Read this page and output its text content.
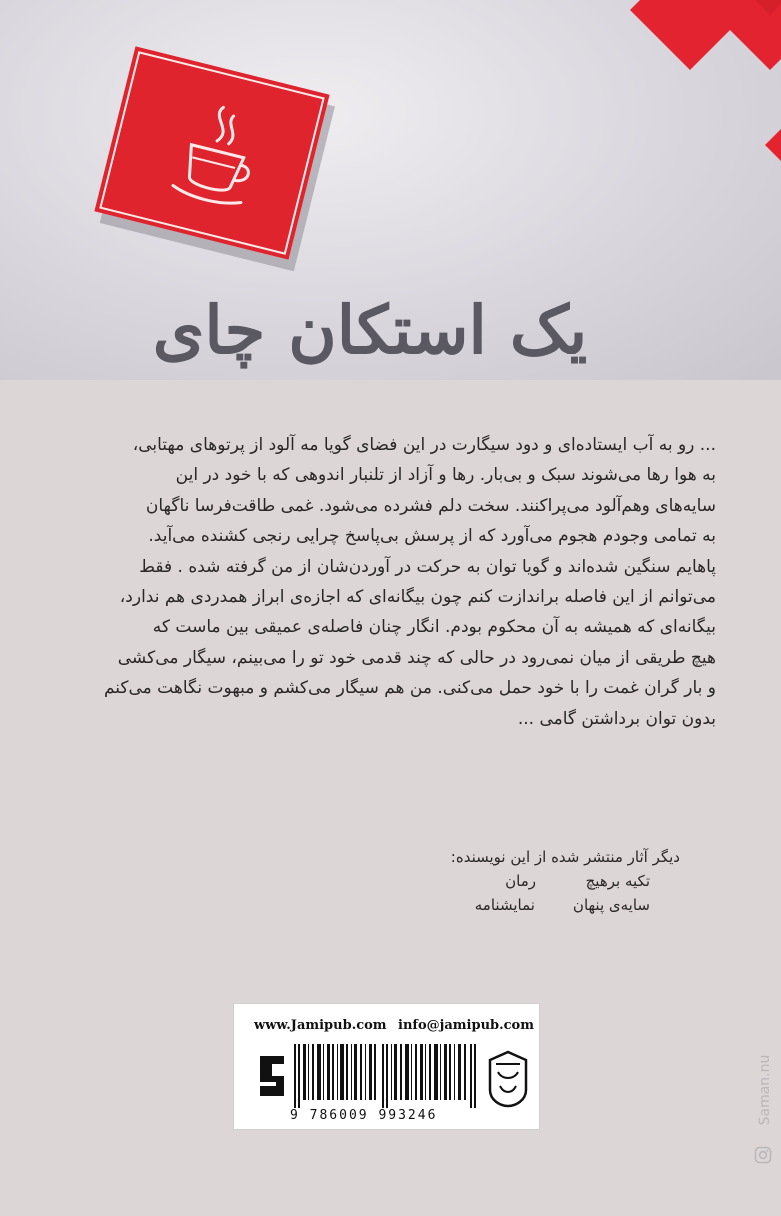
یک استکان چای

... رو به آب ایستاده‌ای و دود سیگارت در این فضای گویا مه آلود از پرتوهای مهتابی،

به هوا رها می‌شوند سبک و بی‌بار. رها و آزاد از تلنبار اندوهی که با خود در این

سایه‌های وهم‌آلود می‌پراکنند. سخت دلم فشرده می‌شود. غمی طاقت‌فرسا ناگهان

به تمامی وجودم هجوم می‌آورد که از پرسش بی‌پاسخ چرایی رنجی کشنده می‌آید.

پاهایم سنگین شده‌اند و گویا توان به حرکت در آوردن‌شان از من گرفته شده . فقط

می‌توانم از این فاصله براندازت کنم چون بیگانه‌ای که اجازه‌ی ابراز همدردی هم ندارد،

بیگانه‌ای که همیشه به آن محکوم بودم. انگار چنان فاصله‌ی عمیقی بین ماست که

هیچ طریقی از میان نمی‌رود در حالی که چند قدمی خود تو را می‌بینم، سیگار می‌کشی

و بار گران غمت را با خود حمل می‌کنی. من هم سیگار می‌کشم و مبهوت نگاهت می‌کنم

بدون توان برداشتن گامی ...

دیگر آثار منتشر شده از این نویسنده:
تکیه برهیچ
رمان
سایه‌ی پنهان
نمایشنامه
www.Jamipub.com info@jamipub.com
9 786009 993246	Saman.nu
